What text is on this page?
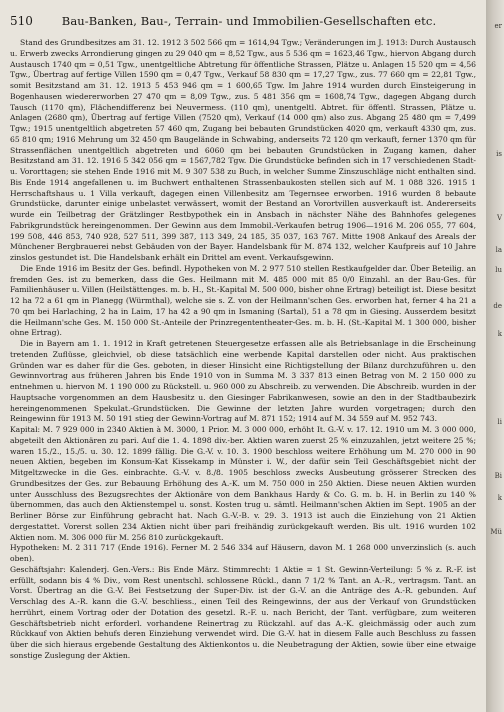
510	Bau-Banken, Bau-, Terrain- und Immobilien-Gesellschaften etc.

Stand des Grundbesitzes am 31. 12. 1912 3 502 566 qm = 1614,94 Tgw.; Veränderungen im J. 1913: Durch Austausch u. Erwerb zwecks Arrondierung gingen zu 29 040 qm = 8,52 Tgw., aus 5 536 qm = 1623,46 Tgw., hiervon Abgang durch Austausch 1740 qm = 0,51 Tgw., unentgeltliche Abtretung für öffentliche Strassen, Plätze u. Anlagen 15 520 qm = 4,56 Tgw., Übertrag auf fertige Villen 1590 qm = 0,47 Tgw., Verkauf 58 830 qm = 17,27 Tgw., zus. 77 660 qm = 22,81 Tgw., somit Besitzstand am 31. 12. 1913 5 453 946 qm = 1 600,65 Tgw. Im Jahre 1914 wurden durch Einsteigerung in Bogenhausen wiedererworben 27 470 qm = 8,09 Tgw., zus. 5 481 356 qm = 1608,74 Tgw., dagegen Abgang durch Tausch (1170 qm), Flächendifferenz bei Neuvermess. (110 qm), unentgeltl. Abtret. für öffentl. Strassen, Plätze u. Anlagen (2680 qm), Übertrag auf fertige Villen (7520 qm), Verkauf (14 000 qm) also zus. Abgang 25 480 qm = 7,499 Tgw.; 1915 unentgeltlich abgetreten 57 460 qm, Zugang bei bebauten Grundstücken 4020 qm, verkauft 4330 qm, zus. 65 810 qm; 1916 Mehrung um 32 450 qm Baugelände in Schwabing, anderseits 72 120 qm verkauft, ferner 1370 qm für Strassenflächen unentgeltlich abgetreten und 6060 qm bei bebauten Grundstücken in Zugang kamen, daher Besitzstand am 31. 12. 1916 5 342 056 qm = 1567,782 Tgw. Die Grundstücke befinden sich in 17 verschiedenen Stadt- u. Vororttagen; sie stehen Ende 1916 mit M. 9 307 538 zu Buch, in welcher Summe Zinszuschläge nicht enthalten sind. Bis Ende 1914 angefallenen u. im Buchwert enthaltenen Strassenbaukosten stellen sich auf M. 1 088 326. 1915 1 Herrschaftshaus u. 1 Villa verkauft, dagegen einen Villenbesitz am Tegernsee erworben. 1916 wurden 8 bebaute Grundstücke, darunter einige unbelastet verwässert, womit der Bestand an Vorortvillen ausverkauft ist. Andererseits wurde ein Teilbetrag der Grätzlinger Restbypothek ein in Ansbach in nächster Nähe des Bahnhofes gelegenes Fabrikgrundstück hereingenommen. Der Gewinn aus dem Immobil.-Verkaufen betrug 1906—1916 M. 206 055, 77 604, 199 508, 446 853, 740 928, 527 511, 399 387, 113 349, 24 185, 35 037, 163 767. Mitte 1908 Ankauf des Areals der Münchener Bergbrauerei nebst Gebäuden von der Bayer. Handelsbank für M. 874 132, welcher Kaufpreis auf 10 Jahre zinslos gestundet ist. Die Handelsbank erhält ein Drittel am event. Verkaufsgewinn.

Die Ende 1916 im Besitz der Ges. befindl. Hypotheken von M. 2 977 510 stellen Restkaufgelder dar. Über Beteilig. an fremden Ges. ist zu bemerken, dass die Ges. Heilmann mit M. 485 000 mit 85 0/0 Einzahl. an der Bau-Ges. für Familienhäuser u. Villen (Heilstättenges. m. b. H., St.-Kapital M. 500 000, bisher ohne Ertrag) beteiligt ist. Diese besitzt 12 ha 72 a 61 qm in Planegg (Würmthal), welche sie s. Z. von der Heilmann'schen Ges. erworben hat, ferner 4 ha 21 a 70 qm bei Harlaching, 2 ha in Laim, 17 ha 42 a 90 qm in Ismaning (Sartal), 51 a 78 qm in Giesing. Ausserdem besitzt die Heilmann'sche Ges. M. 150 000 St.-Anteile der Prinzregententheater-Ges. m. b. H. (St.-Kapital M. 1 300 000, bisher ohne Ertrag).

Die in Bayern am 1. 1. 1912 in Kraft getretenen Steuergesetze erfassen alle als Betriebsanlage in die Erscheinung tretenden Zuflüsse, gleichviel, ob diese tatsächlich eine werbende Kapital darstellen oder nicht. Aus praktischen Gründen war es daher für die Ges. geboten, in dieser Hinsicht eine Richtigstellung der Bilanz durchzuführen u. den Gewinnvortrag aus früheren Jahren bis Ende 1910 von in Summa M. 3 337 813 einen Betrag von M. 2 150 000 zu entnehmen u. hiervon M. 1 190 000 zu Rückstell. u. 960 000 zu Abschreib. zu verwenden. Die Abschreib. wurden in der Hauptsache vorgenommen an dem Hausbesitz u. den Giesinger Fabrikanwesen, sowie an den in der Stadtbaubezirk hereingenommenen Spekulat.-Grundstücken. Die Gewinne der letzten Jahre wurden vorgetragen; durch den Reingewinn für 1913 M. 50 191 stieg der Gewinn-Vortrag auf M. 871 152; 1914 auf M. 34 559 auf M. 952 743.

Kapital: M. 7 929 000 in 2340 Aktien à M. 3000, 1 Prior. M. 3 000 000, erhöht It. G.-V. v. 17. 12. 1910 um M. 3 000 000, abgeteilt den Aktionären zu pari. Auf die 1. 4. 1898 div.-ber. Aktien waren zuerst 25 % einzuzahlen, jetzt weitere 25 %; waren 15./2., 15./5. u. 30. 12. 1899 fällig. Die G.-V. v. 10. 3. 1900 beschloss weitere Erhöhung um M. 270 000 in 90 neuen Aktien, begeben im Konsum-Kat Kissekamp in Münster i. W., der dafür sein Teil Geschäftsgebiet nicht der Mitgeltzwecke in die Ges. einbrachte. G.-V. v. 8./8. 1905 beschloss zwecks Ausbeutung grösserer Strecken des Grundbesitzes der Ges. zur Bebauung Erhöhung des A.-K. um M. 750 000 in 250 Aktien. Diese neuen Aktien wurden unter Ausschluss des Bezugsrechtes der Aktionäre von dem Bankhaus Hardy & Co. G. m. b. H. in Berlin zu 140 % übernommen, das auch den Aktienstempel u. sonst. Kosten trug u. sämtl. Heilmann'schen Aktien im Sept. 1905 an der Berliner Börse zur Einführung gebracht hat. Nach G.-V.-B. v. 29. 3. 1913 ist auch die Einziehung von 21 Aktien dergestattet. Vorerst sollen 234 Aktien nicht über pari freihändig zurückgekauft werden. Bis ult. 1916 wurden 102 Aktien nom. M. 306 000 für M. 256 810 zurückgekauft.

Hypotheken: M. 2 311 717 (Ende 1916). Ferner M. 2 546 334 auf Häusern, davon M. 1 268 000 unverzinslich (s. auch oben).

Geschäftsjahr: Kalenderj. Gen.-Vers.: Bis Ende März. Stimmrecht: 1 Aktie = 1 St. Gewinn-Verteilung: 5 % z. R.-F. ist erfüllt, sodann bis 4 % Div., vom Rest unentschl. schlossene Rückl., dann 7 1/2 % Tant. an A.-R., vertragsm. Tant. an Vorst. Übertrag an die G.-V. Bei Festsetzung der Super-Div. ist der G.-V. an die Anträge des A.-R. gebunden. Auf Verschlag des A.-R. kann die G.-V. beschliess., einen Teil des Reingewinns, der aus der Verkauf von Grundstücken herrührt, einem Vortrag oder der Dotation des gesetzl. R.-F. u. nach Bericht, der Tant. verfügbare, zum weiteren Geschäftsbetrieb nicht erforderl. vorhandene Reinertrag zu Rückzahl. auf das A.-K. gleichmässig oder auch zum Rückkauf von Aktien behufs deren Einziehung verwendet wird. Die G.-V. hat in diesem Falle auch Beschluss zu fassen über die sich hieraus ergebende Gestaltung des Aktienkontos u. die Neubetragung der Aktien, sowie über eine etwaige sonstige Zuslegung der Aktien.

er
is
V
la
lu
de
k
li
Bi
k
Mü
